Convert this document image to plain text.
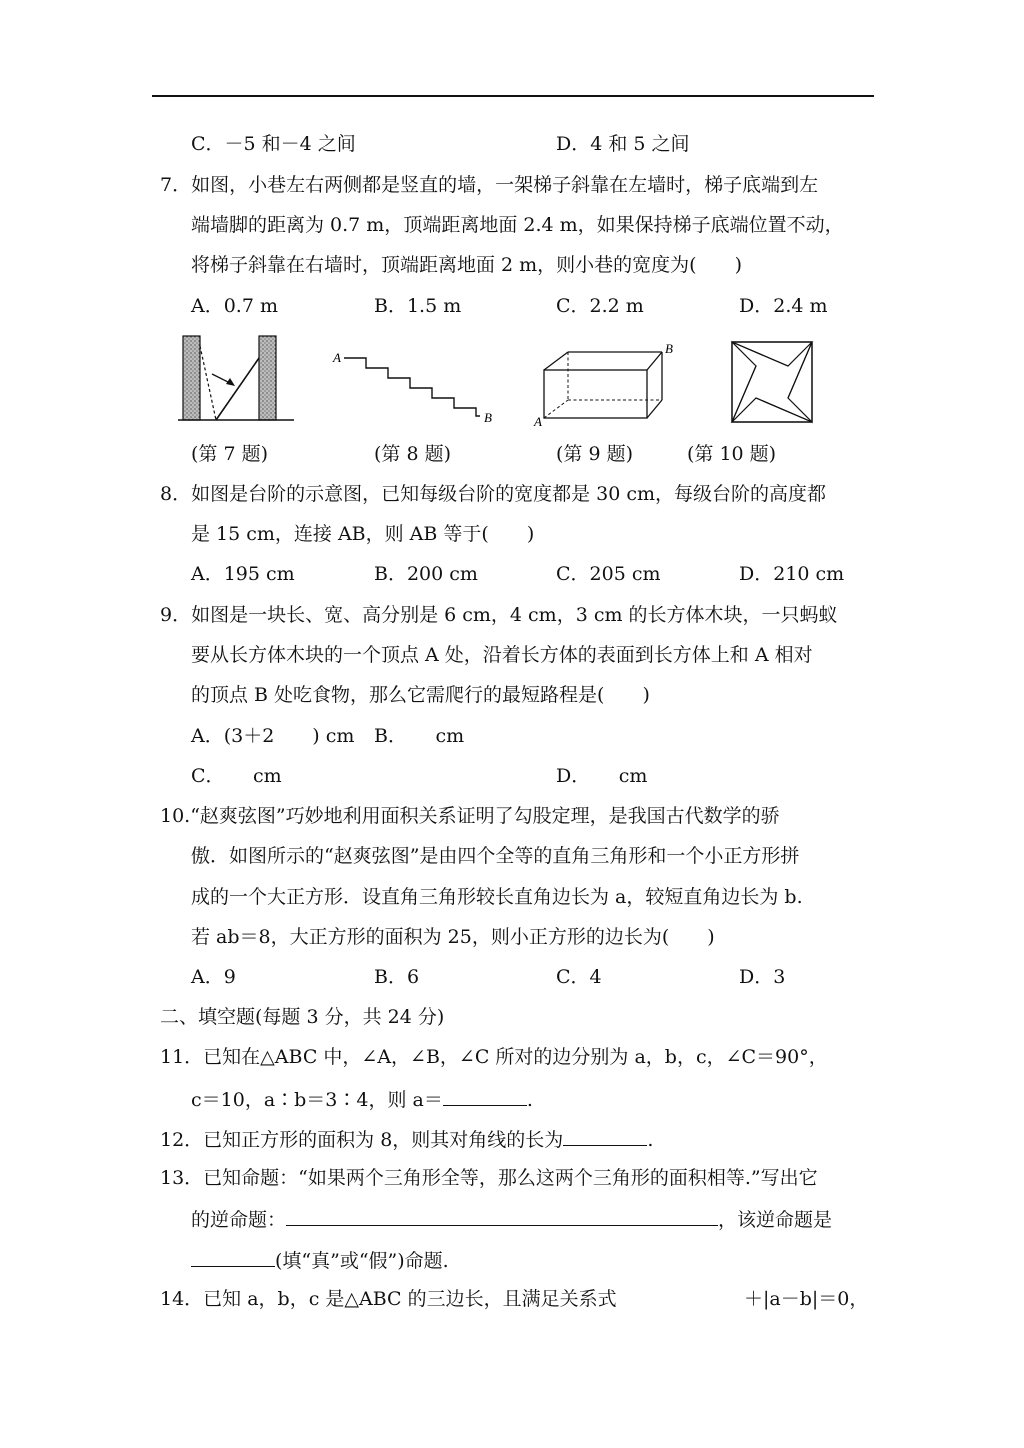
C．－5 和－4 之间	D．4 和 5 之间
7．如图，小巷左右两侧都是竖直的墙，一架梯子斜靠在左墙时，梯子底端到左
端墙脚的距离为 0.7 m，顶端距离地面 2.4 m，如果保持梯子底端位置不动，
将梯子斜靠在右墙时，顶端距离地面 2 m，则小巷的宽度为(　　)
A．0.7 m	B．1.5 m	C．2.2 m	D．2.4 m
A
B	A
B
(第 7 题)	(第 8 题)	(第 9 题)	(第 10 题)
8．如图是台阶的示意图，已知每级台阶的宽度都是 30 cm，每级台阶的高度都
是 15 cm，连接 AB，则 AB 等于(　　)
A．195 cm	B．200 cm	C．205 cm	D．210 cm
9．如图是一块长、宽、高分别是 6 cm，4 cm，3 cm 的长方体木块，一只蚂蚁
要从长方体木块的一个顶点 A 处，沿着长方体的表面到长方体上和 A 相对
的顶点 B 处吃食物，那么它需爬行的最短路程是(　　)
A．(3＋2　　) cm B．　　cm
C．　　cm	D．　　cm
10.“赵爽弦图”巧妙地利用面积关系证明了勾股定理，是我国古代数学的骄
傲．如图所示的“赵爽弦图”是由四个全等的直角三角形和一个小正方形拼
成的一个大正方形．设直角三角形较长直角边长为 a，较短直角边长为 b.
若 ab＝8，大正方形的面积为 25，则小正方形的边长为(　　)
A．9	B．6	C．4	D．3
二、填空题(每题 3 分，共 24 分)
11．已知在△ABC 中，∠A，∠B，∠C 所对的边分别为 a，b，c，∠C＝90°，
c＝10，a∶b＝3∶4，则 a＝	.
12．已知正方形的面积为 8，则其对角线的长为	.
13．已知命题：“如果两个三角形全等，那么这两个三角形的面积相等.”写出它
的逆命题：	，该逆命题是
(填“真”或“假”)命题.
14．已知 a，b，c 是△ABC 的三边长，且满足关系式	＋|a－b|＝0，
